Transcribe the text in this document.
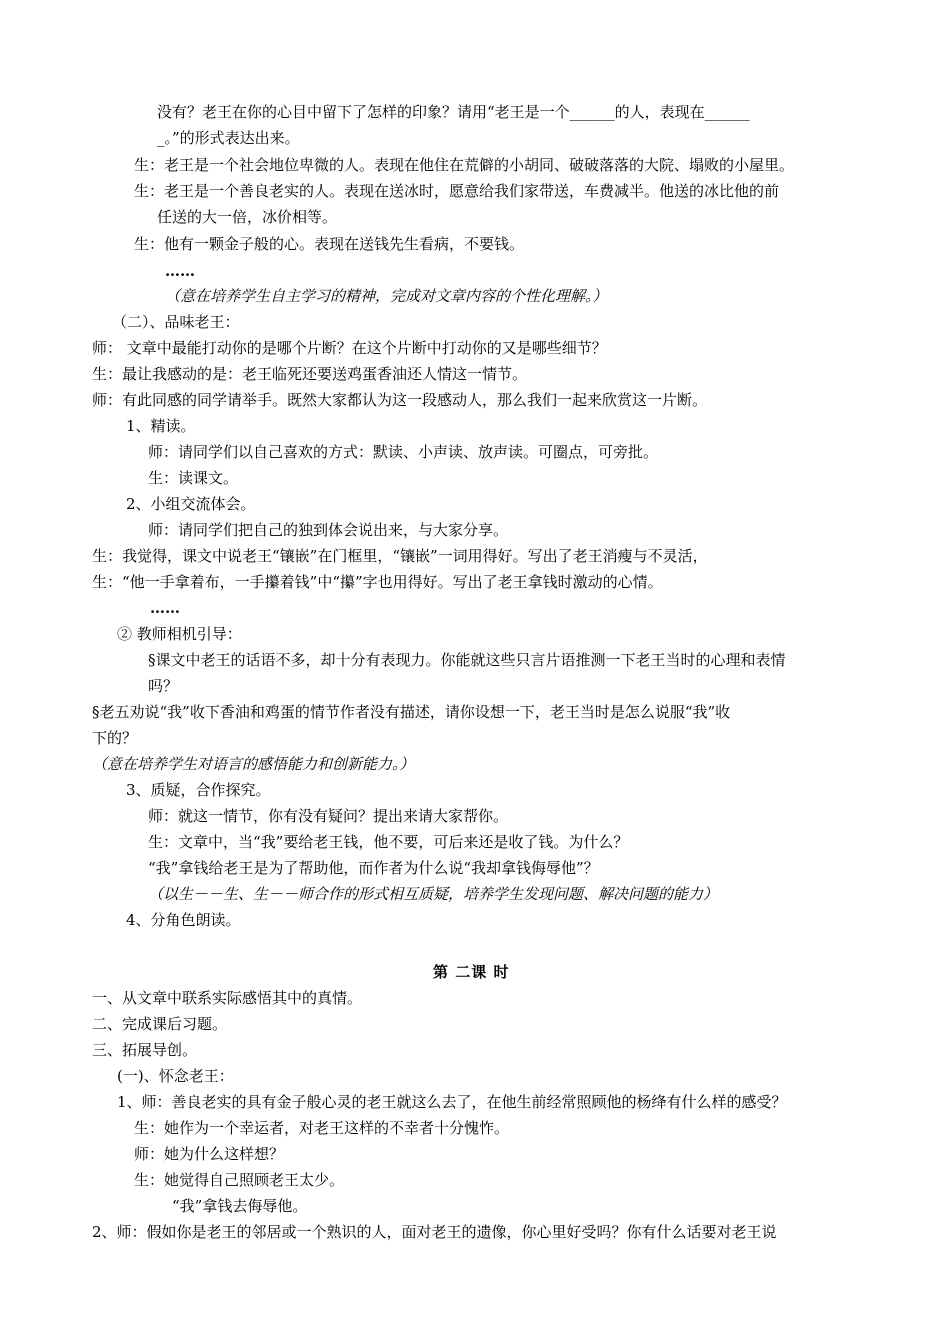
没有？老王在你的心目中留下了怎样的印象？请用“老王是一个______的人，表现在______
_。”的形式表达出来。
生：老王是一个社会地位卑微的人。表现在他住在荒僻的小胡同、破破落落的大院、塌败的小屋里。
生：老王是一个善良老实的人。表现在送冰时，愿意给我们家带送，车费减半。他送的冰比他的前
任送的大一倍，冰价相等。
生：他有一颗金子般的心。表现在送钱先生看病，不要钱。
……
（意在培养学生自主学习的精神，完成对文章内容的个性化理解。）
（二）、品味老王：
师： 文章中最能打动你的是哪个片断？在这个片断中打动你的又是哪些细节？
生：最让我感动的是：老王临死还要送鸡蛋香油还人情这一情节。
师：有此同感的同学请举手。既然大家都认为这一段感动人，那么我们一起来欣赏这一片断。
1、精读。
师：请同学们以自己喜欢的方式：默读、小声读、放声读。可圈点，可旁批。
生：读课文。
2、小组交流体会。
师：请同学们把自己的独到体会说出来，与大家分享。
生：我觉得，课文中说老王“镶嵌”在门框里，“镶嵌”一词用得好。写出了老王消瘦与不灵活，
生：“他一手拿着布，一手攥着钱”中“攥”字也用得好。写出了老王拿钱时激动的心情。
……
② 教师相机引导：
§课文中老王的话语不多，却十分有表现力。你能就这些只言片语推测一下老王当时的心理和表情
吗？
§老五劝说“我”收下香油和鸡蛋的情节作者没有描述，请你设想一下，老王当时是怎么说服“我”收
下的？
（意在培养学生对语言的感悟能力和创新能力。）
3、质疑，合作探究。
师：就这一情节，你有没有疑问？提出来请大家帮你。
生：文章中，当“我”要给老王钱，他不要，可后来还是收了钱。为什么？
“我”拿钱给老王是为了帮助他，而作者为什么说“我却拿钱侮辱他”？
（以生－－生、生－－师合作的形式相互质疑，培养学生发现问题、解决问题的能力）
4、分角色朗读。
第 二课 时
一、从文章中联系实际感悟其中的真情。
二、完成课后习题。
三、拓展导创。
(一)、怀念老王：
1、师：善良老实的具有金子般心灵的老王就这么去了，在他生前经常照顾他的杨绛有什么样的感受？
生：她作为一个幸运者，对老王这样的不幸者十分愧怍。
师：她为什么这样想？
生：她觉得自己照顾老王太少。
“我”拿钱去侮辱他。
2、师：假如你是老王的邻居或一个熟识的人，面对老王的遗像，你心里好受吗？你有什么话要对老王说
